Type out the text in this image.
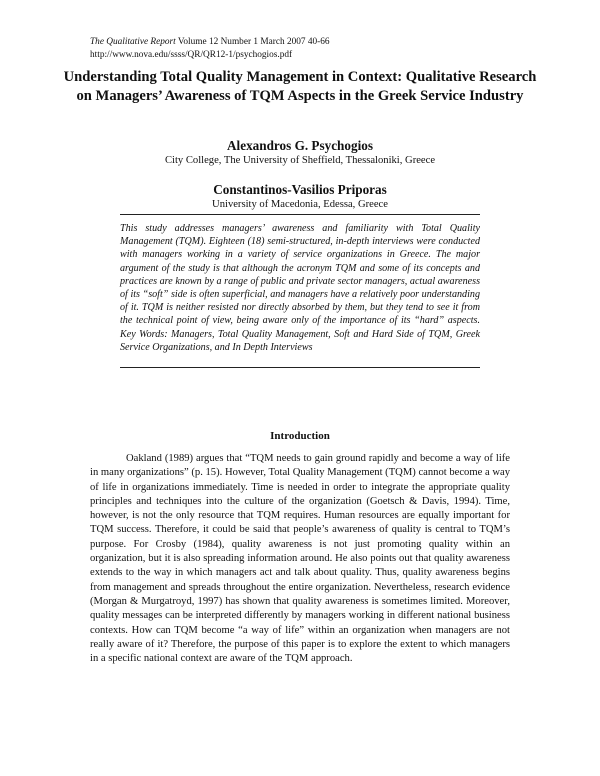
The Qualitative Report Volume 12 Number 1 March 2007 40-66
http://www.nova.edu/ssss/QR/QR12-1/psychogios.pdf
Understanding Total Quality Management in Context: Qualitative Research on Managers’ Awareness of TQM Aspects in the Greek Service Industry
Alexandros G. Psychogios
City College, The University of Sheffield, Thessaloniki, Greece
Constantinos-Vasilios Priporas
University of Macedonia, Edessa, Greece

This study addresses managers’ awareness and familiarity with Total Quality Management (TQM). Eighteen (18) semi-structured, in-depth interviews were conducted with managers working in a variety of service organizations in Greece. The major argument of the study is that although the acronym TQM and some of its concepts and practices are known by a range of public and private sector managers, actual awareness of its “soft” side is often superficial, and managers have a relatively poor understanding of it. TQM is neither resisted nor directly absorbed by them, but they tend to see it from the technical point of view, being aware only of the importance of its “hard” aspects. Key Words: Managers, Total Quality Management, Soft and Hard Side of TQM, Greek Service Organizations, and In Depth Interviews

Introduction

Oakland (1989) argues that “TQM needs to gain ground rapidly and become a way of life in many organizations” (p. 15). However, Total Quality Management (TQM) cannot become a way of life in organizations immediately. Time is needed in order to integrate the appropriate quality principles and techniques into the culture of the organization (Goetsch & Davis, 1994). Time, however, is not the only resource that TQM requires. Human resources are equally important for TQM success. Therefore, it could be said that people’s awareness of quality is central to TQM’s purpose. For Crosby (1984), quality awareness is not just promoting quality within an organization, but it is also spreading information around. He also points out that quality awareness extends to the way in which managers act and talk about quality. Thus, quality awareness begins from management and spreads throughout the entire organization. Nevertheless, research evidence (Morgan & Murgatroyd, 1997) has shown that quality awareness is sometimes limited. Moreover, quality messages can be interpreted differently by managers working in different national business contexts. How can TQM become “a way of life” within an organization when managers are not really aware of it? Therefore, the purpose of this paper is to explore the extent to which managers in a specific national context are aware of the TQM approach.
